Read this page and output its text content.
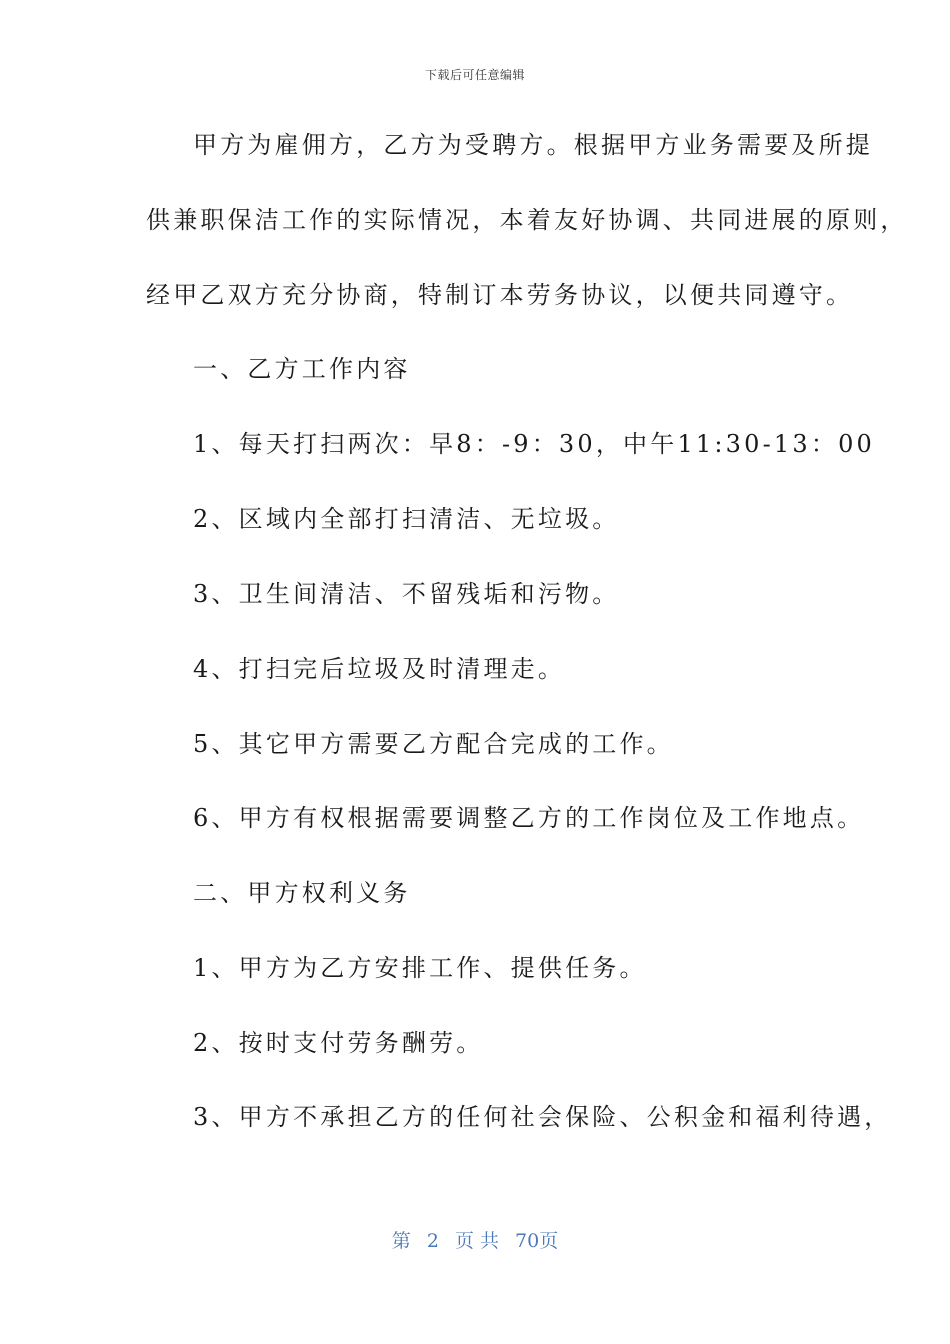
下载后可任意编辑
甲方为雇佣方，乙方为受聘方。根据甲方业务需要及所提
供兼职保洁工作的实际情况，本着友好协调、共同进展的原则，
经甲乙双方充分协商，特制订本劳务协议，以便共同遵守。
一、乙方工作内容
1、每天打扫两次：早8：-9：30，中午11:30-13：00
2、区域内全部打扫清洁、无垃圾。
3、卫生间清洁、不留残垢和污物。
4、打扫完后垃圾及时清理走。
5、其它甲方需要乙方配合完成的工作。
6、甲方有权根据需要调整乙方的工作岗位及工作地点。
二、甲方权利义务
1、甲方为乙方安排工作、提供任务。
2、按时支付劳务酬劳。
3、甲方不承担乙方的任何社会保险、公积金和福利待遇，
第 2 页 共 70页
